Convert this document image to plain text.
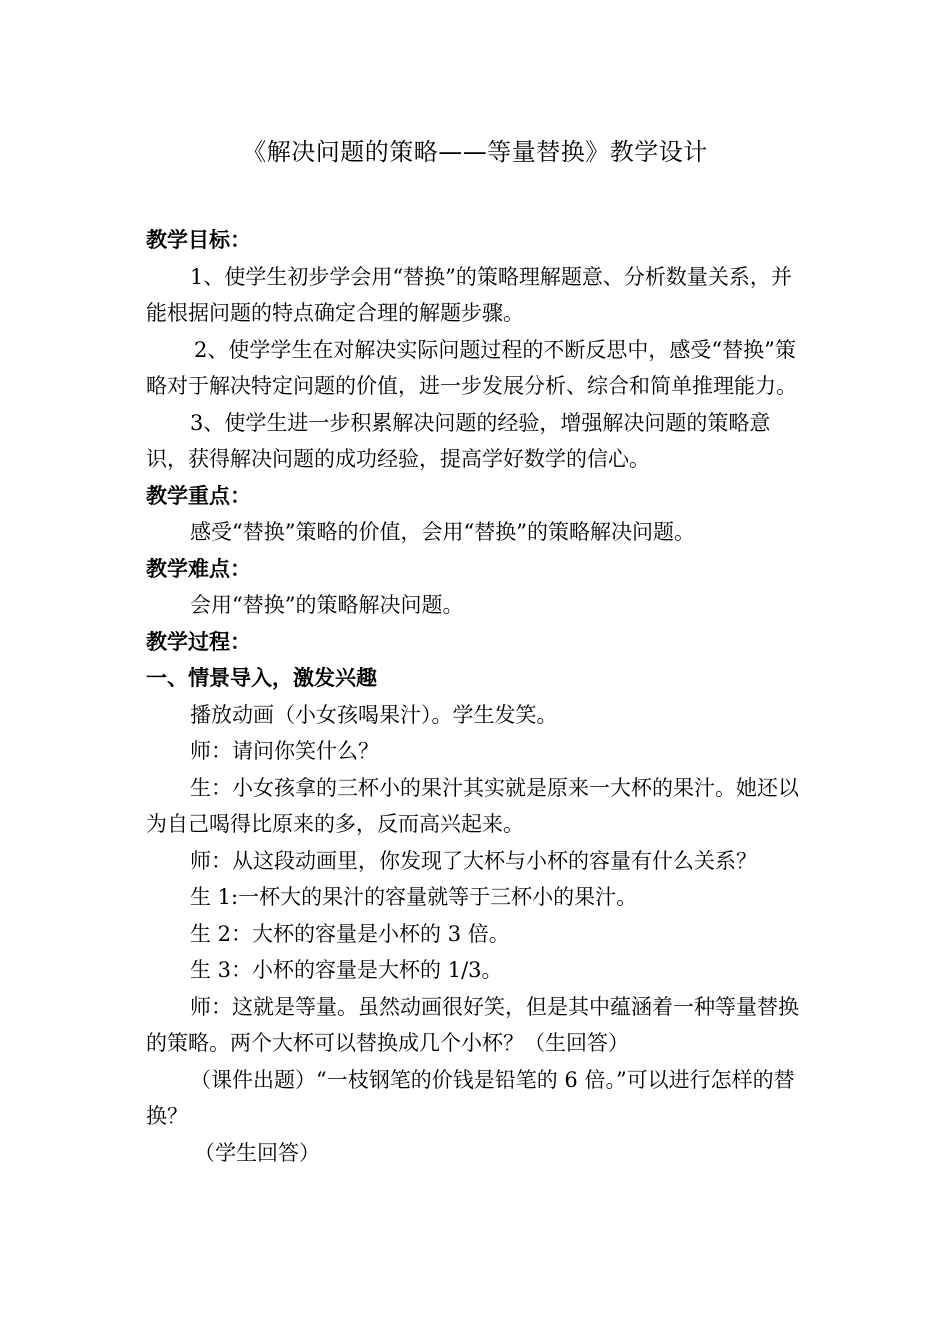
《解决问题的策略——等量替换》教学设计

教学目标：

1、使学生初步学会用“替换”的策略理解题意、分析数量关系，并能根据问题的特点确定合理的解题步骤。

2、使学学生在对解决实际问题过程的不断反思中，感受“替换”策略对于解决特定问题的价值，进一步发展分析、综合和简单推理能力。

3、使学生进一步积累解决问题的经验，增强解决问题的策略意识，获得解决问题的成功经验，提高学好数学的信心。

教学重点：

感受“替换”策略的价值，会用“替换”的策略解决问题。

教学难点：

会用“替换”的策略解决问题。

教学过程：

一、情景导入，激发兴趣

播放动画（小女孩喝果汁）。学生发笑。

师：请问你笑什么？

生：小女孩拿的三杯小的果汁其实就是原来一大杯的果汁。她还以为自己喝得比原来的多，反而高兴起来。

师：从这段动画里，你发现了大杯与小杯的容量有什么关系？

生 1:一杯大的果汁的容量就等于三杯小的果汁。

生 2：大杯的容量是小杯的 3 倍。

生 3：小杯的容量是大杯的 1/3。

师：这就是等量。虽然动画很好笑，但是其中蕴涵着一种等量替换的策略。两个大杯可以替换成几个小杯？（生回答）

（课件出题）“一枝钢笔的价钱是铅笔的 6 倍。”可以进行怎样的替换？

（学生回答）
